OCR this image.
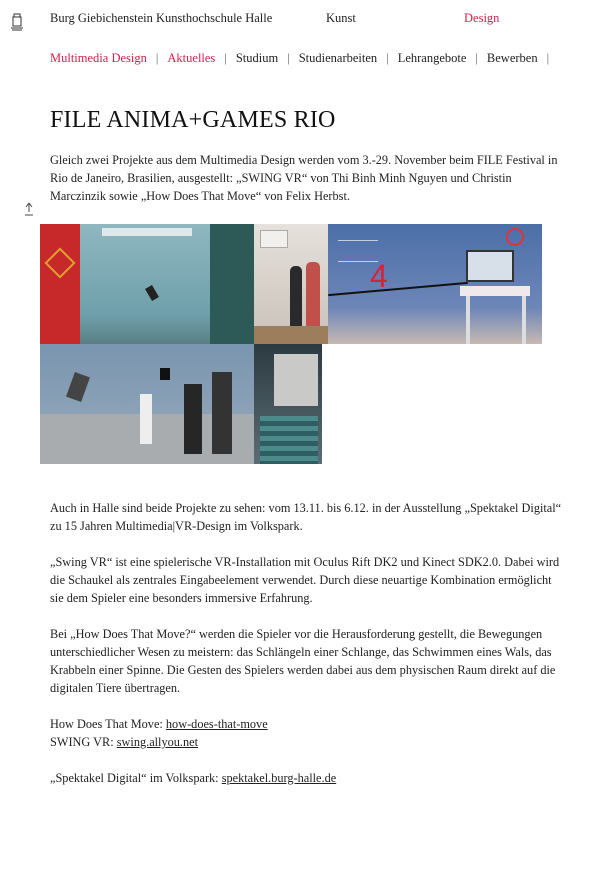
Burg Giebichenstein Kunsthochschule Halle	Kunst	Design
Multimedia Design | Aktuelles | Studium | Studienarbeiten | Lehrangebote | Bewerben |
FILE ANIMA+GAMES RIO

Gleich zwei Projekte aus dem Multimedia Design werden vom 3.-29. November beim FILE Festival in Rio de Janeiro, Brasilien, ausgestellt: „SWING VR“ von Thi Binh Minh Nguyen und Christin Marczinzik sowie „How Does That Move“ von Felix Herbst.

4

Auch in Halle sind beide Projekte zu sehen: vom 13.11. bis 6.12. in der Ausstellung „Spektakel Digital“ zu 15 Jahren Multimedia|VR-Design im Volkspark.

„Swing VR“ ist eine spielerische VR-Installation mit Oculus Rift DK2 und Kinect SDK2.0. Dabei wird die Schaukel als zentrales Eingabeelement verwendet. Durch diese neuartige Kombination ermöglicht sie dem Spieler eine besonders immersive Erfahrung.

Bei „How Does That Move?“ werden die Spieler vor die Herausforderung gestellt, die Bewegungen unterschiedlicher Wesen zu meistern: das Schlängeln einer Schlange, das Schwimmen eines Wals, das Krabbeln einer Spinne. Die Gesten des Spielers werden dabei aus dem physischen Raum direkt auf die digitalen Tiere übertragen.

How Does That Move: how-does-that-move

SWING VR: swing.allyou.net

„Spektakel Digital“ im Volkspark: spektakel.burg-halle.de
